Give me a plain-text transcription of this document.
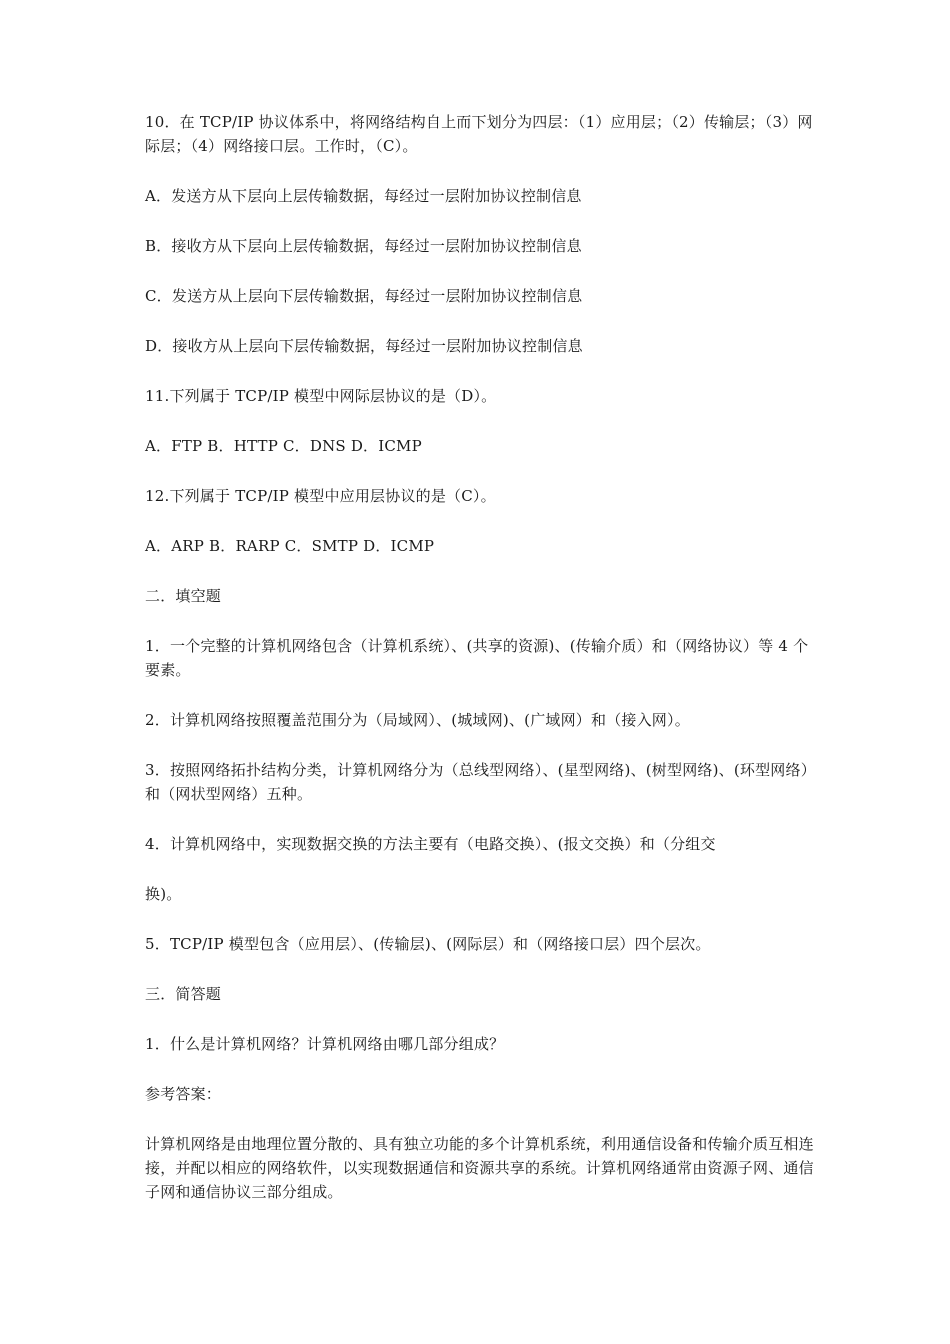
10．在 TCP/IP 协议体系中，将网络结构自上而下划分为四层：（1）应用层；（2）传输层；（3）网际层；（4）网络接口层。工作时，（C）。

A．发送方从下层向上层传输数据，每经过一层附加协议控制信息

B．接收方从下层向上层传输数据，每经过一层附加协议控制信息

C．发送方从上层向下层传输数据，每经过一层附加协议控制信息

D．接收方从上层向下层传输数据，每经过一层附加协议控制信息

11.下列属于 TCP/IP 模型中网际层协议的是（D）。

A．FTP B．HTTP C．DNS D．ICMP

12.下列属于 TCP/IP 模型中应用层协议的是（C）。

A．ARP B．RARP C．SMTP D．ICMP

二．填空题

1．一个完整的计算机网络包含（计算机系统）、(共享的资源)、(传输介质）和（网络协议）等 4 个要素。

2．计算机网络按照覆盖范围分为（局域网）、(城域网)、(广域网）和（接入网）。

3．按照网络拓扑结构分类，计算机网络分为（总线型网络）、(星型网络)、(树型网络)、(环型网络）和（网状型网络）五种。

4．计算机网络中，实现数据交换的方法主要有（电路交换）、(报文交换）和（分组交

换)。

5．TCP/IP 模型包含（应用层）、(传输层)、(网际层）和（网络接口层）四个层次。

三．简答题

1．什么是计算机网络？计算机网络由哪几部分组成？

参考答案：

计算机网络是由地理位置分散的、具有独立功能的多个计算机系统，利用通信设备和传输介质互相连接，并配以相应的网络软件，以实现数据通信和资源共享的系统。计算机网络通常由资源子网、通信子网和通信协议三部分组成。
